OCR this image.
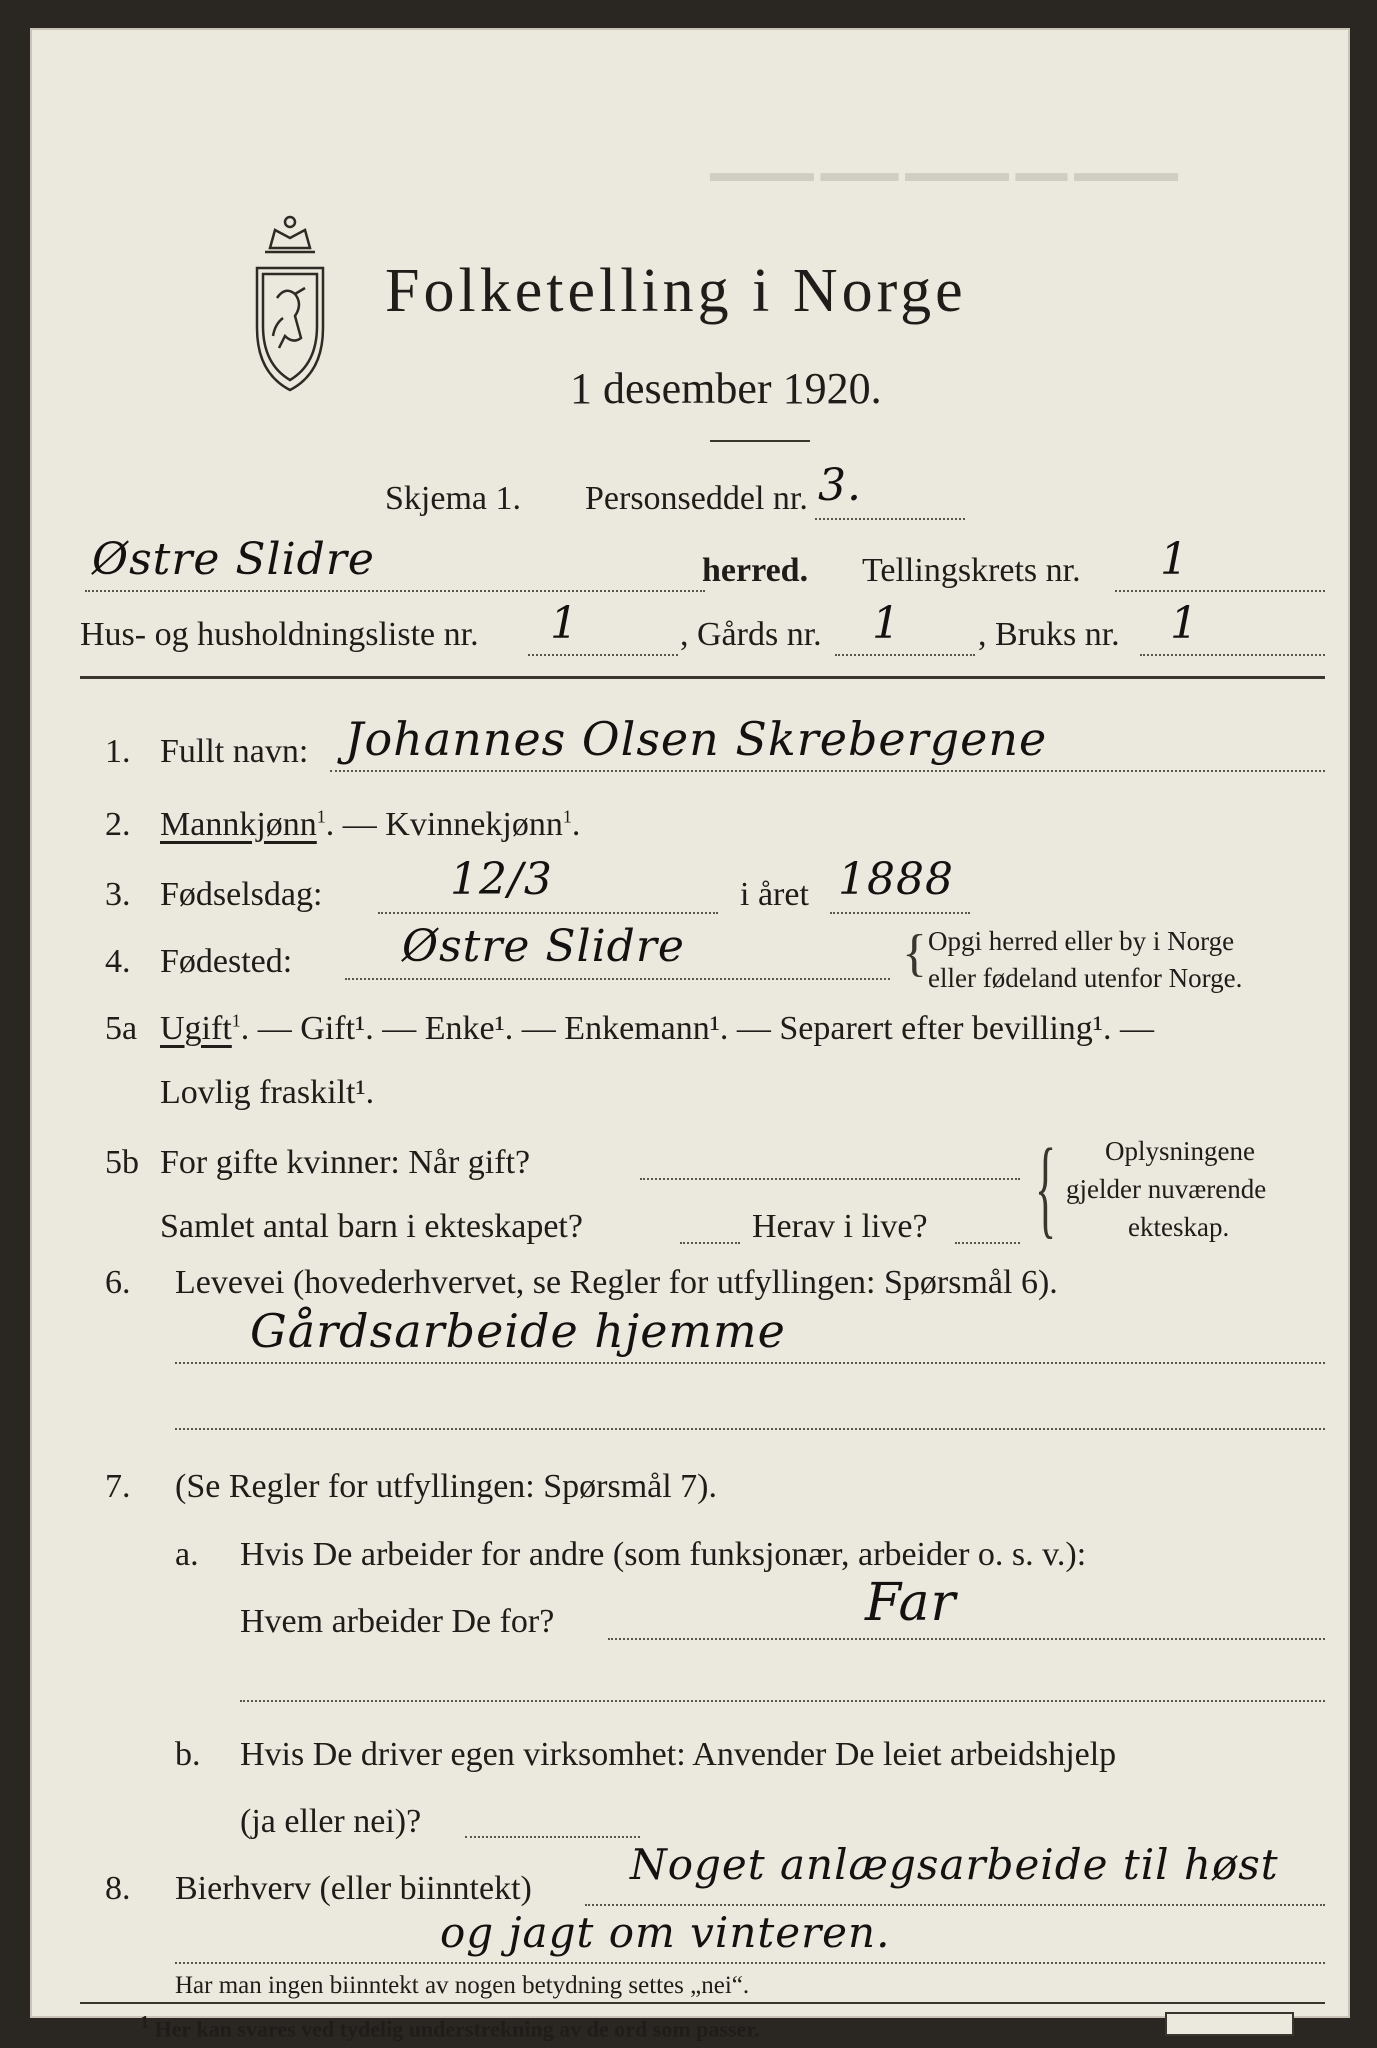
▬▬▬▬ ▬▬▬ ▬▬▬▬ ▬▬ ▬▬▬▬
Folketelling i Norge
1 desember 1920.
Skjema 1. Personseddel nr. 3.
Østre Slidre	herred. Tellingskrets nr. 1
Hus- og husholdningsliste nr. 1	, Gårds nr. 1 , Bruks nr. 1
1. Fullt navn: Johannes Olsen Skrebergene
2. Mannkjønn$^1$. — Kvinnekjønn$^1$.
3. Fødselsdag:	12/3	i året 1888
4. Fødested: Østre Slidre	{ Opgi herred eller by i Norge
eller fødeland utenfor Norge.
5a Ugift$^1$. — Gift¹. — Enke¹. — Enkemann¹. — Separert efter bevilling¹. —
Lovlig fraskilt¹.
5b For gifte kvinner: Når gift?
Samlet antal barn i ekteskapet?	Herav i live? { Oplysningene
gjelder nuværende
ekteskap.
6. Levevei (hovederhvervet, se Regler for utfyllingen: Spørsmål 6).
Gårdsarbeide hjemme
7. (Se Regler for utfyllingen: Spørsmål 7).
a. Hvis De arbeider for andre (som funksjonær, arbeider o. s. v.):
Hvem arbeider De for?	Far
b. Hvis De driver egen virksomhet: Anvender De leiet arbeidshjelp
(ja eller nei)?
8. Bierhverv (eller biinntekt) Noget anlægsarbeide til høst
og jagt om vinteren.
Har man ingen biinntekt av nogen betydning settes „nei“.
$^1$ Her kan svares ved tydelig understrekning av de ord som passer.
